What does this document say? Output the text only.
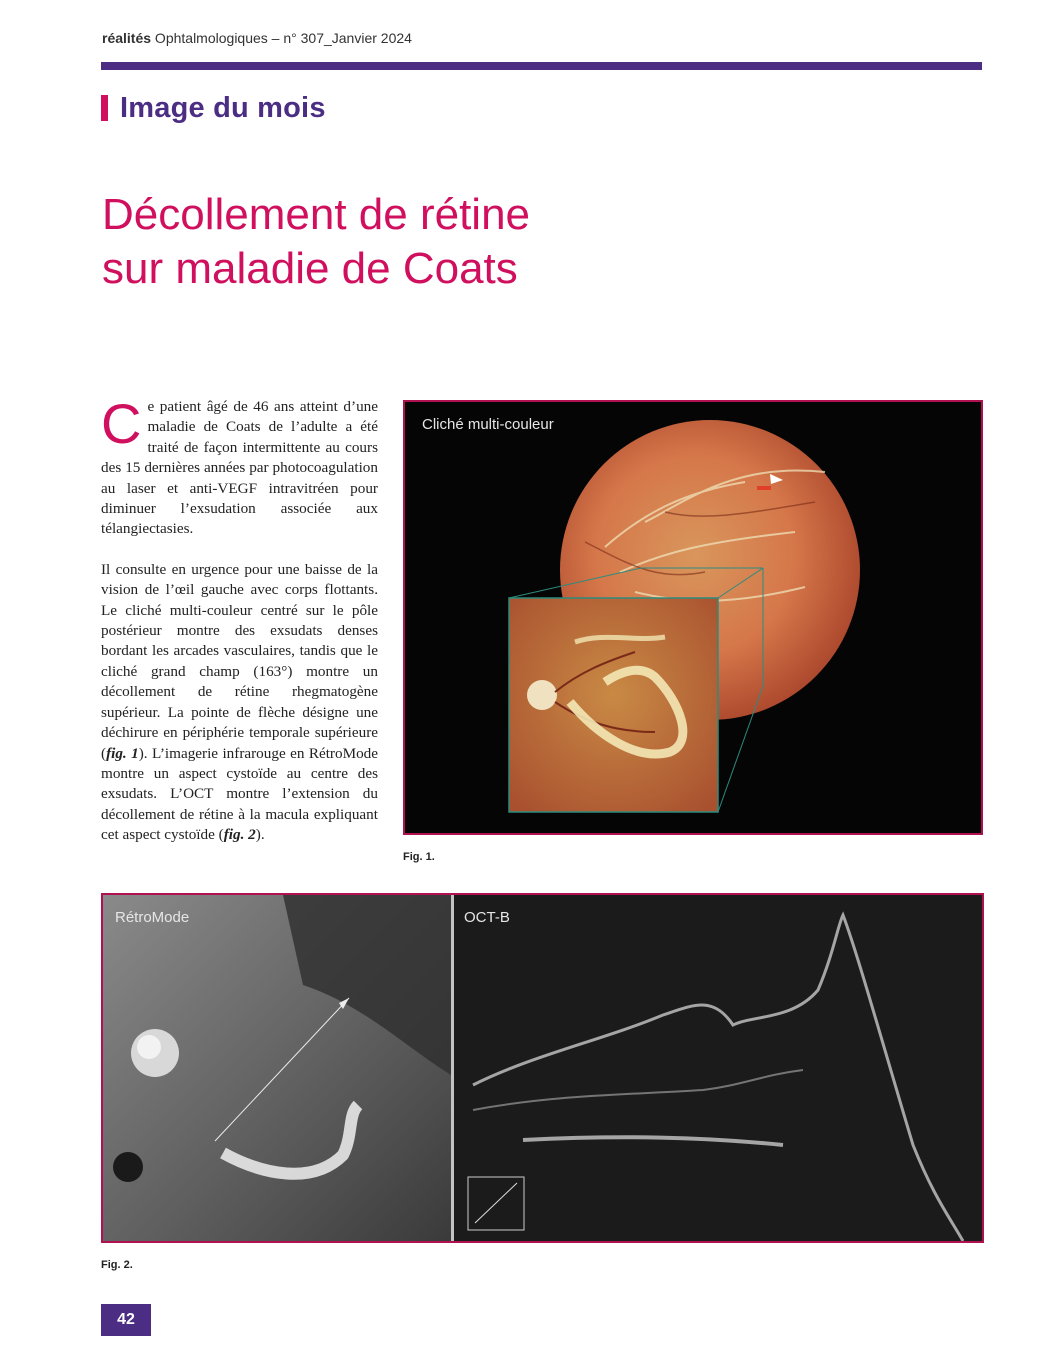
réalités Ophtalmologiques – n° 307_Janvier 2024
Image du mois
Décollement de rétine
sur maladie de Coats

Ce patient âgé de 46 ans atteint d’une maladie de Coats de l’adulte a été traité de façon intermittente au cours des 15 dernières années par photocoagulation au laser et anti-VEGF intravitréen pour diminuer l’exsudation associée aux télangiectasies.

Il consulte en urgence pour une baisse de la vision de l’œil gauche avec corps flottants. Le cliché multi-couleur centré sur le pôle postérieur montre des exsudats denses bordant les arcades vasculaires, tandis que le cliché grand champ (163°) montre un décollement de rétine rhegmatogène supérieur. La pointe de flèche désigne une déchirure en périphérie temporale supérieure (fig. 1). L’imagerie infrarouge en RétroMode montre un aspect cystoïde au centre des exsudats. L’OCT montre l’extension du décollement de rétine à la macula expliquant cet aspect cystoïde (fig. 2).

Cliché multi-couleur
Fig. 1.
RétroMode	OCT-B
Fig. 2.
42
